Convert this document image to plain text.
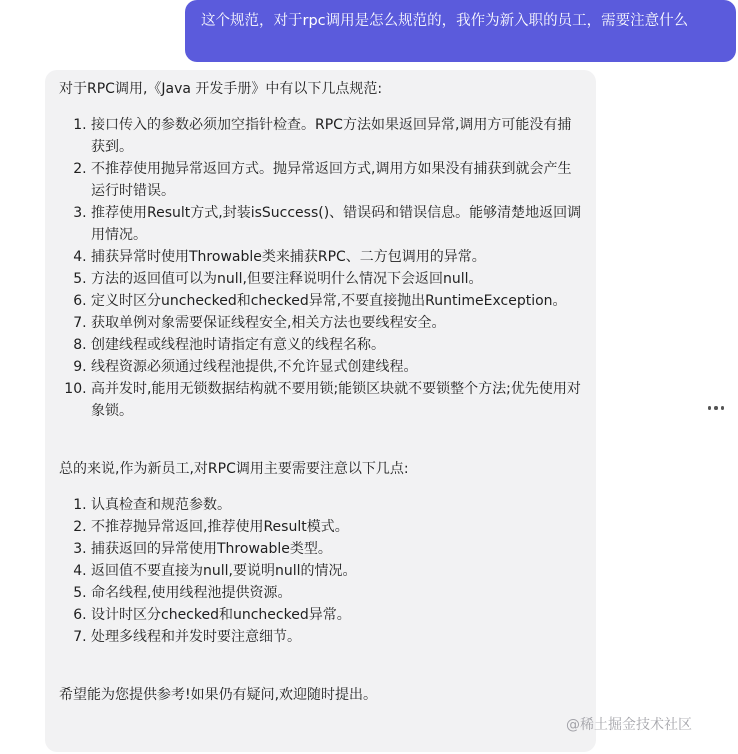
这个规范，对于rpc调用是怎么规范的，我作为新入职的员工，需要注意什么

对于RPC调用,《Java 开发手册》中有以下几点规范:

1. 接口传入的参数必须加空指针检查。RPC方法如果返回异常,调用方可能没有捕获到。
2. 不推荐使用抛异常返回方式。抛异常返回方式,调用方如果没有捕获到就会产生运行时错误。
3. 推荐使用Result方式,封装isSuccess()、错误码和错误信息。能够清楚地返回调用情况。
4. 捕获异常时使用Throwable类来捕获RPC、二方包调用的异常。
5. 方法的返回值可以为null,但要注释说明什么情况下会返回null。
6. 定义时区分unchecked和checked异常,不要直接抛出RuntimeException。
7. 获取单例对象需要保证线程安全,相关方法也要线程安全。
8. 创建线程或线程池时请指定有意义的线程名称。
9. 线程资源必须通过线程池提供,不允许显式创建线程。
10. 高并发时,能用无锁数据结构就不要用锁;能锁区块就不要锁整个方法;优先使用对象锁。

总的来说,作为新员工,对RPC调用主要需要注意以下几点:

1. 认真检查和规范参数。
2. 不推荐抛异常返回,推荐使用Result模式。
3. 捕获返回的异常使用Throwable类型。
4. 返回值不要直接为null,要说明null的情况。
5. 命名线程,使用线程池提供资源。
6. 设计时区分checked和unchecked异常。
7. 处理多线程和并发时要注意细节。

希望能为您提供参考!如果仍有疑问,欢迎随时提出。

@稀土掘金技术社区
